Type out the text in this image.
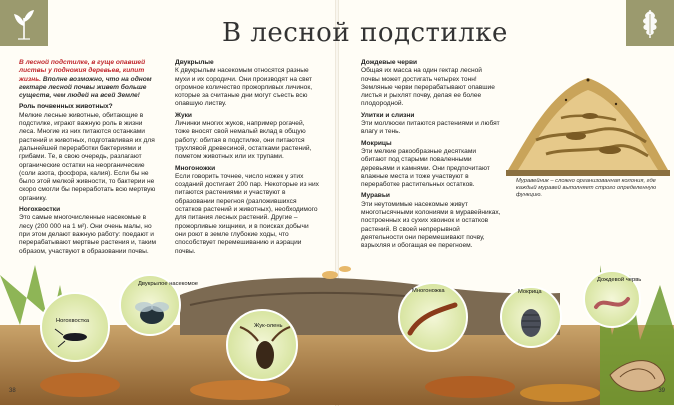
В лесной подстилке

В лесной подстилке, в гуще опавшей листвы у подножия деревьев, кипит жизнь. Вполне возможно, что на одном гектаре лесной почвы живет больше существ, чем людей на всей Земле!

Роль почвенных животных?

Мелкие лесные животные, обитающие в подстилке, играют важную роль в жизни леса. Многие из них питаются останками растений и животных, подготавливая их для дальнейшей переработки бактериями и грибами. Те, в свою очередь, разлагают органические остатки на неорганические (соли азота, фосфора, калия). Если бы не было этой мелкой живности, то бактерии не скоро смогли бы переработать всю мертвую органику.

Ногохвостки

Это самые многочисленные насекомые в лесу (200 000 на 1 м²). Они очень малы, но при этом делают важную работу: поедают и перерабатывают мертвые растения и, таким образом, участвуют в образовании почвы.

Двукрылые

К двукрылым насекомым относятся разные мухи и их сородичи. Они производят на свет огромное количество прожорливых личинок, которые за считаные дни могут съесть всю опавшую листву.

Жуки

Личинки многих жуков, например рогачей, тоже вносят свой немалый вклад в общую работу: обитая в подстилке, они питаются трухлявой древесиной, остатками растений, пометом животных или их трупами.

Многоножки

Если говорить точнее, число ножек у этих созданий достигает 200 пар. Некоторые из них питаются растениями и участвуют в образовании перегноя (разложившихся остатков растений и животных), необходимого для питания лесных растений. Другие – прожорливые хищники, и в поисках добычи они роют в земле глубокие ходы, что способствует перемешиванию и аэрации почвы.

Дождевые черви

Общая их масса на один гектар лесной почвы может достигать четырех тонн! Земляные черви перерабатывают опавшие листья и рыхлят почву, делая ее более плодородной.

Улитки и слизни

Эти моллюски питаются растениями и любят влагу и тень.

Мокрицы

Эти мелкие ракообразные десятками обитают под старыми поваленными деревьями и камнями. Они предпочитают влажные места и тоже участвуют в переработке растительных остатков.

Муравьи

Эти неутомимые насекомые живут многотысячными колониями в муравейниках, построенных из сухих хвоинок и остатков растений. В своей непрерывной деятельности они перемешивают почву, взрыхляя и обогащая ее перегноем.

Муравейник – сложно организованная колония, где каждый муравей выполняет строго определенную функцию.
Ногохвостка
Двукрылое насекомое
Жук-олень
Многоножка	Мокрица
Дождевой червь
38	39
